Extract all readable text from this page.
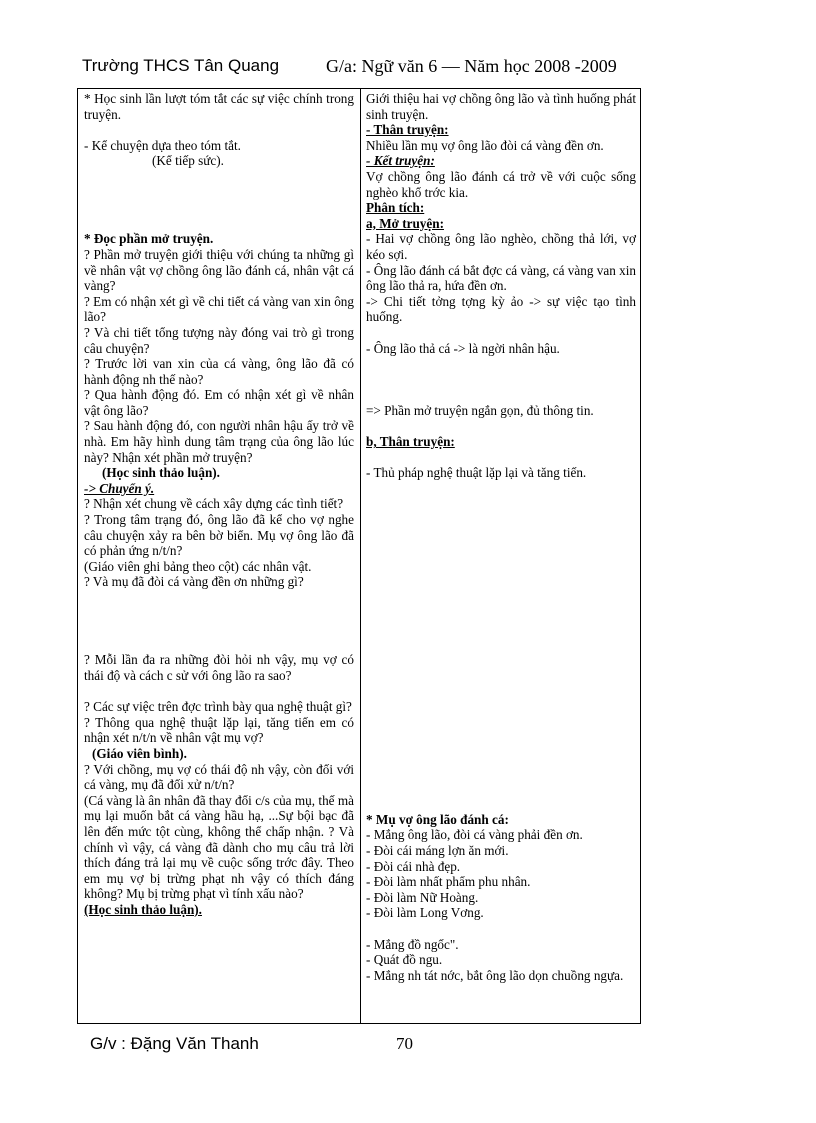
Trường THCS Tân Quang	G/a: Ngữ văn 6 — Năm học 2008 -2009

* Học sinh lần lượt tóm tắt các sự việc chính trong truyện.

- Kể chuyện dựa theo tóm tắt.

(Kể tiếp sức).

* Đọc phần mở truyện.

? Phần mở truyện giới thiệu với chúng ta những gì về nhân vật vợ chồng ông lão đánh cá, nhân vật cá vàng?

? Em có nhận xét gì về chi tiết cá vàng van xin ông lão?

? Và chi tiết tổng tượng này đóng vai trò gì trong câu chuyện?

? Trước lời van xin của cá vàng, ông lão đã có hành động nh thế nào?

? Qua hành động đó. Em có nhận xét gì về nhân vật ông lão?

? Sau hành động đó, con người nhân hậu ấy trở về nhà. Em hãy hình dung tâm trạng của ông lão lúc này? Nhận xét phần mở truyện?

(Học sinh thảo luận).

-> Chuyển ý.

? Nhận xét chung về cách xây dựng các tình tiết?

? Trong tâm trạng đó, ông lão đã kể cho vợ nghe câu chuyện xảy ra bên bờ biển. Mụ vợ ông lão đã có phản ứng n/t/n?

(Giáo viên ghi bảng theo cột) các nhân vật.

? Và mụ đã đòi cá vàng đền ơn những gì?

? Mỗi lần đa ra những đòi hỏi nh vậy, mụ vợ có thái độ và cách c sử với ông lão ra sao?

? Các sự việc trên đợc trình bày qua nghệ thuật gì?

? Thông qua nghệ thuật lặp lại, tăng tiến em có nhận xét n/t/n về nhân vật mụ vợ?

(Giáo viên bình).

? Với chồng, mụ vợ có thái độ nh vậy, còn đối với cá vàng, mụ đã đối xử n/t/n?

(Cá vàng là ân nhân đã thay đổi c/s của mụ, thế mà mụ lại muốn bắt cá vàng hầu hạ, ...Sự bội bạc đã lên đến mức tột cùng, không thể chấp nhận. ? Và chính vì vậy, cá vàng đã dành cho mụ câu trả lời thích đáng trả lại mụ về cuộc sống trớc đây. Theo em mụ vợ bị trừng phạt nh vậy có thích đáng không? Mụ bị trừng phạt vì tính xấu nào?

(Học sinh thảo luận).

Giới thiệu hai vợ chồng ông lão và tình huống phát sinh truyện.

- Thân truyện:

Nhiều lần mụ vợ ông lão đòi cá vàng đền ơn.

- Kết truyện:

Vợ chồng ông lão đánh cá trở về với cuộc sống nghèo khổ trớc kia.

Phân tích:

a, Mở truyện:

- Hai vợ chồng ông lão nghèo, chồng thả lới, vợ kéo sợi.

- Ông lão đánh cá bắt đợc cá vàng, cá vàng van xin ông lão thả ra, hứa đền ơn.

-> Chi tiết tởng tợng kỳ ảo -> sự việc tạo tình huống.

- Ông lão thả cá -> là ngời nhân hậu.

=> Phần mở truyện ngắn gọn, đủ thông tin.

b, Thân truyện:

- Thủ pháp nghệ thuật lặp lại và tăng tiến.

* Mụ vợ ông lão đánh cá:

- Mắng ông lão, đòi cá vàng phải đền ơn.

- Đòi cái máng lợn ăn mới.

- Đòi cái nhà đẹp.

- Đòi làm nhất phẩm phu nhân.

- Đòi làm Nữ Hoàng.

- Đòi làm Long Vơng.

- Mắng đồ ngốc".

- Quát đồ ngu.

- Mắng nh tát nớc, bắt ông lão dọn chuồng ngựa.

G/v : Đặng Văn Thanh	70
